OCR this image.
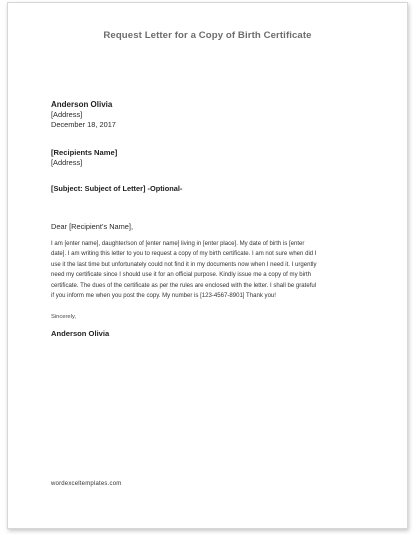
Request Letter for a Copy of Birth Certificate
Anderson Olivia
[Address]
December 18, 2017
[Recipients Name]
[Address]
[Subject: Subject of Letter] -Optional-
Dear [Recipient’s Name],
I am [enter name], daughter/son of [enter name] living in [enter place]. My date of birth is [enter
date]. I am writing this letter to you to request a copy of my birth certificate. I am not sure when did I
use it the last time but unfortunately could not find it in my documents now when I need it. I urgently
need my certificate since I should use it for an official purpose. Kindly issue me a copy of my birth
certificate. The dues of the certificate as per the rules are enclosed with the letter. I shall be grateful
if you inform me when you post the copy. My number is [123-4567-8901] Thank you!
Sincerely,
Anderson Olivia
wordexceltemplates.com
